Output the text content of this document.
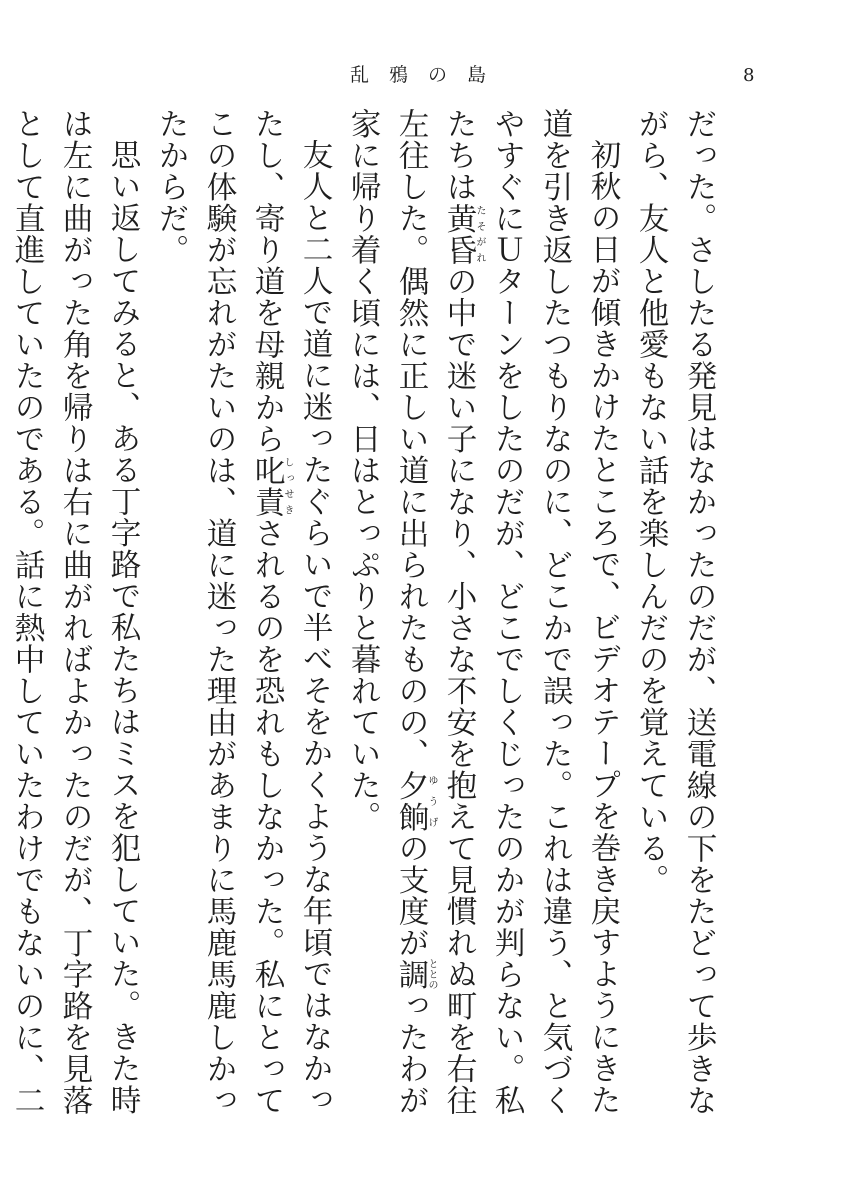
乱鴉の島	8
だった。さしたる発見はなかったのだが、送電線の下をたどって歩きながら、友人と他愛もない話を楽しんだのを覚えている。
初秋の日が傾きかけたところで、ビデオテープを巻き戻すようにきた道を引き返したつもりなのに、どこかで誤った。これは違う、と気づくやすぐにＵターンをしたのだが、どこでしくじったのかが判らない。私たちは黄昏たそがれの中で迷い子になり、小さな不安を抱えて見慣れぬ町を右往左往した。偶然に正しい道に出られたものの、夕餉ゆうげの支度が調ととのったわが家に帰り着く頃には、日はとっぷりと暮れていた。
友人と二人で道に迷ったぐらいで半べそをかくような年頃ではなかったし、寄り道を母親から叱責しっせきされるのを恐れもしなかった。私にとってこの体験が忘れがたいのは、道に迷った理由があまりに馬鹿馬鹿しかったからだ。
思い返してみると、ある丁字路で私たちはミスを犯していた。きた時は左に曲がった角を帰りは右に曲がればよかったのだが、丁字路を見落として直進していたのである。話に熱中していたわけでもないのに、二
